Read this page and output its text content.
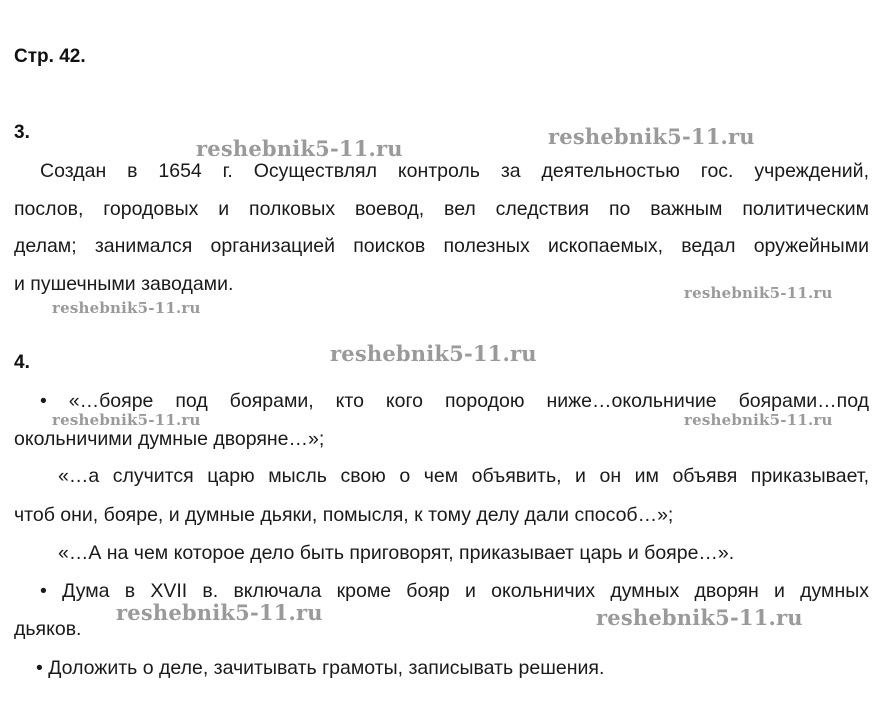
Стр. 42.
3.
Создан в 1654 г. Осуществлял контроль за деятельностью гос. учреждений,
послов, городовых и полковых воевод, вел следствия по важным политическим
делам; занимался организацией поисков полезных ископаемых, ведал оружейными
и пушечными заводами.
4.
• «…бояре под боярами, кто кого породою ниже…окольничие боярами…под
окольничими думные дворяне…»;
«…а случится царю мысль свою о чем объявить, и он им объявя приказывает,
чтоб они, бояре, и думные дьяки, помысля, к тому делу дали способ…»;
«…А на чем которое дело быть приговорят, приказывает царь и бояре…».
• Дума в XVII в. включала кроме бояр и окольничих думных дворян и думных
дьяков.
• Доложить о деле, зачитывать грамоты, записывать решения.
reshebnik5-11.ru	reshebnik5-11.ru
reshebnik5-11.ru
reshebnik5-11.ru
reshebnik5-11.ru
reshebnik5-11.ru	reshebnik5-11.ru
reshebnik5-11.ru	reshebnik5-11.ru
